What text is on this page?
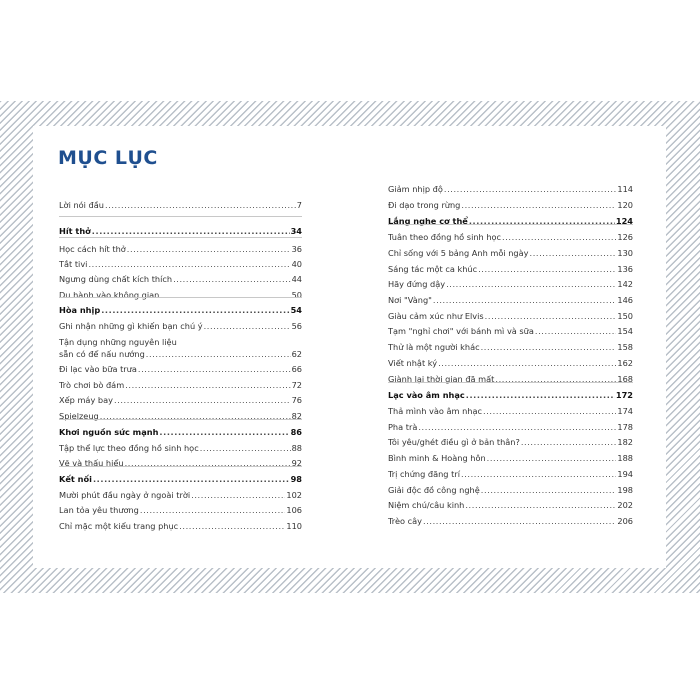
MỤC LỤC
Lời nói đầu .....	7
Hít thở .....	34
Học cách hít thở .....	36
Tắt tivi .....	40
Ngưng dùng chất kích thích .....	44
Du hành vào không gian .....	50
Hòa nhịp .....	54
Ghi nhận những gì khiến bạn chú ý .....	56
Tận dụng những nguyên liệu
sẵn có để nấu nướng .....	62
Đi lạc vào bữa trưa .....	66
Trò chơi bò đám .....	72
Xếp máy bay .....	76
Spielzeug .....	82
Khơi nguồn sức mạnh .....	86
Tập thể lực theo đồng hồ sinh học .....	88
Vẽ và thấu hiểu .....	92
Kết nối .....	98
Mười phút đầu ngày ở ngoài trời .....	102
Lan tỏa yêu thương .....	106
Chỉ mặc một kiểu trang phục .....	110
Giảm nhịp độ .....	114
Đi dạo trong rừng .....	120
Lắng nghe cơ thể .....	124
Tuân theo đồng hồ sinh học .....	126
Chỉ sống với 5 bảng Anh mỗi ngày .....	130
Sáng tác một ca khúc .....	136
Hãy đứng dậy .....	142
Nơi "Vàng" .....	146
Giàu cảm xúc như Elvis .....	150
Tạm "nghỉ chơi" với bánh mì và sữa .....	154
Thử là một người khác .....	158
Viết nhật ký .....	162
Giành lại thời gian đã mất .....	168
Lạc vào âm nhạc .....	172
Thả mình vào âm nhạc .....	174
Pha trà .....	178
Tôi yêu/ghét điều gì ở bản thân? .....	182
Bình minh & Hoàng hôn .....	188
Trị chứng đãng trí .....	194
Giải độc đồ công nghệ .....	198
Niệm chú/câu kinh .....	202
Trèo cây .....	206
